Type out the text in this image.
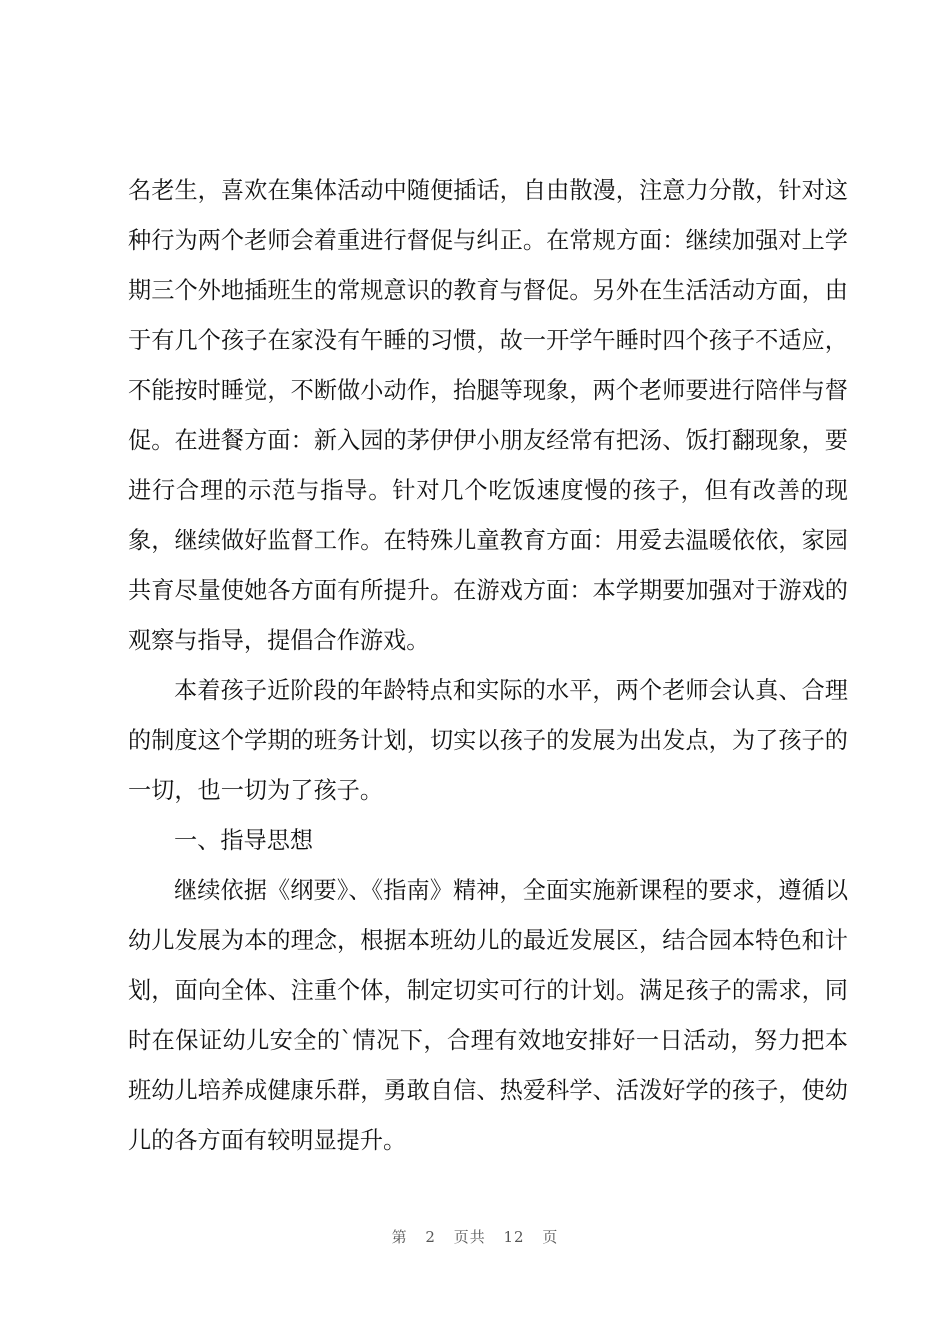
名老生，喜欢在集体活动中随便插话，自由散漫，注意力分散，针对这种行为两个老师会着重进行督促与纠正。在常规方面：继续加强对上学期三个外地插班生的常规意识的教育与督促。另外在生活活动方面，由于有几个孩子在家没有午睡的习惯，故一开学午睡时四个孩子不适应，不能按时睡觉，不断做小动作，抬腿等现象，两个老师要进行陪伴与督促。在进餐方面：新入园的茅伊伊小朋友经常有把汤、饭打翻现象，要进行合理的示范与指导。针对几个吃饭速度慢的孩子，但有改善的现象，继续做好监督工作。在特殊儿童教育方面：用爱去温暖依依，家园共育尽量使她各方面有所提升。在游戏方面：本学期要加强对于游戏的观察与指导，提倡合作游戏。

本着孩子近阶段的年龄特点和实际的水平，两个老师会认真、合理的制度这个学期的班务计划，切实以孩子的发展为出发点，为了孩子的一切，也一切为了孩子。

一、指导思想

继续依据《纲要》、《指南》精神，全面实施新课程的要求，遵循以幼儿发展为本的理念，根据本班幼儿的最近发展区，结合园本特色和计划，面向全体、注重个体，制定切实可行的计划。满足孩子的需求，同时在保证幼儿安全的`情况下，合理有效地安排好一日活动，努力把本班幼儿培养成健康乐群，勇敢自信、热爱科学、活泼好学的孩子，使幼儿的各方面有较明显提升。

第 2 页共 12 页
